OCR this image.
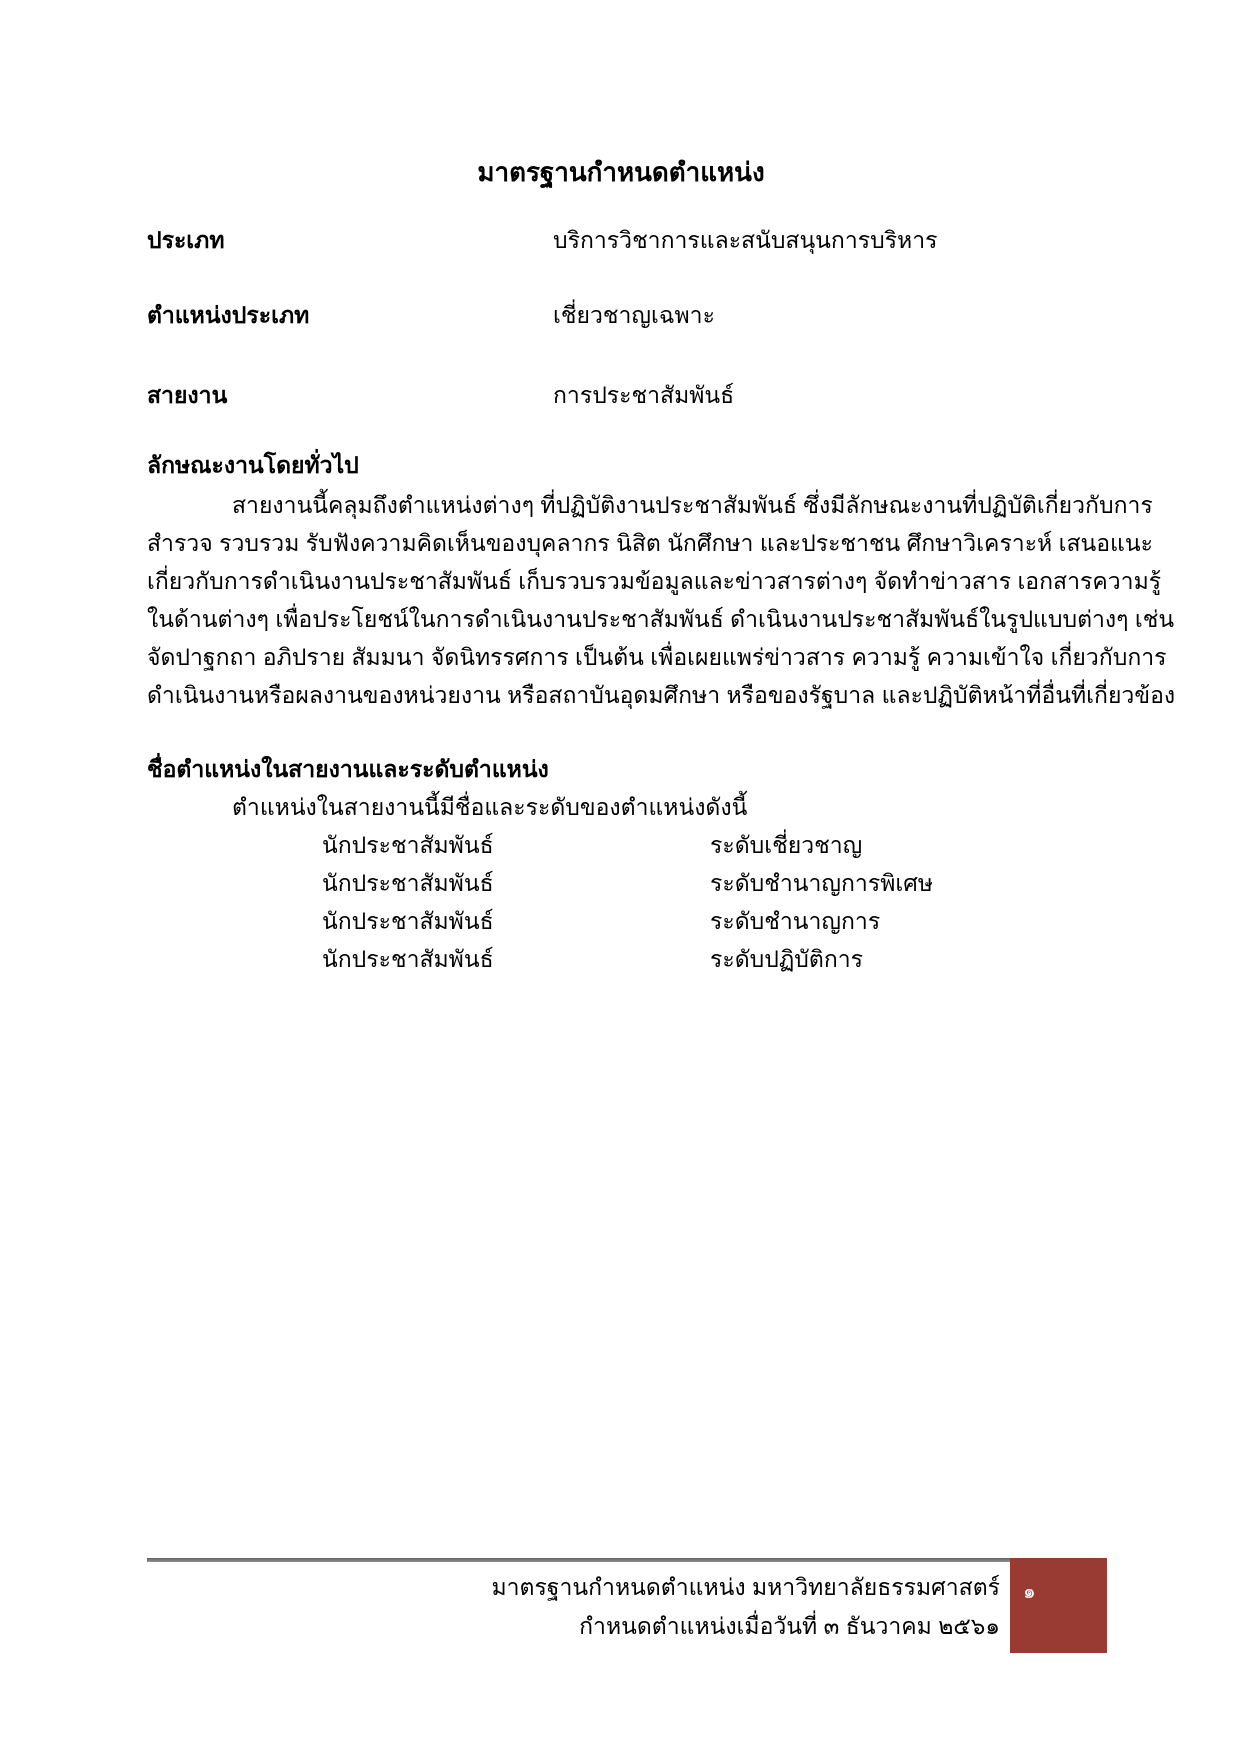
มาตรฐานกำหนดตำแหน่ง
ประเภท	บริการวิชาการและสนับสนุนการบริหาร
ตำแหน่งประเภท	เชี่ยวชาญเฉพาะ
สายงาน	การประชาสัมพันธ์
ลักษณะงานโดยทั่วไป
สายงานนี้คลุมถึงตำแหน่งต่างๆ ที่ปฏิบัติงานประชาสัมพันธ์ ซึ่งมีลักษณะงานที่ปฏิบัติเกี่ยวกับการ
สำรวจ รวบรวม รับฟังความคิดเห็นของบุคลากร นิสิต นักศึกษา และประชาชน ศึกษาวิเคราะห์ เสนอแนะ
เกี่ยวกับการดำเนินงานประชาสัมพันธ์ เก็บรวบรวมข้อมูลและข่าวสารต่างๆ จัดทำข่าวสาร เอกสารความรู้
ในด้านต่างๆ เพื่อประโยชน์ในการดำเนินงานประชาสัมพันธ์ ดำเนินงานประชาสัมพันธ์ในรูปแบบต่างๆ เช่น
จัดปาฐกถา อภิปราย สัมมนา จัดนิทรรศการ เป็นต้น เพื่อเผยแพร่ข่าวสาร ความรู้ ความเข้าใจ เกี่ยวกับการ
ดำเนินงานหรือผลงานของหน่วยงาน หรือสถาบันอุดมศึกษา หรือของรัฐบาล และปฏิบัติหน้าที่อื่นที่เกี่ยวข้อง
ชื่อตำแหน่งในสายงานและระดับตำแหน่ง
ตำแหน่งในสายงานนี้มีชื่อและระดับของตำแหน่งดังนี้
นักประชาสัมพันธ์	ระดับเชี่ยวชาญ
นักประชาสัมพันธ์	ระดับชำนาญการพิเศษ
นักประชาสัมพันธ์	ระดับชำนาญการ
นักประชาสัมพันธ์	ระดับปฏิบัติการ
มาตรฐานกำหนดตำแหน่ง มหาวิทยาลัยธรรมศาสตร์
กำหนดตำแหน่งเมื่อวันที่ ๓ ธันวาคม ๒๕๖๑
๑
